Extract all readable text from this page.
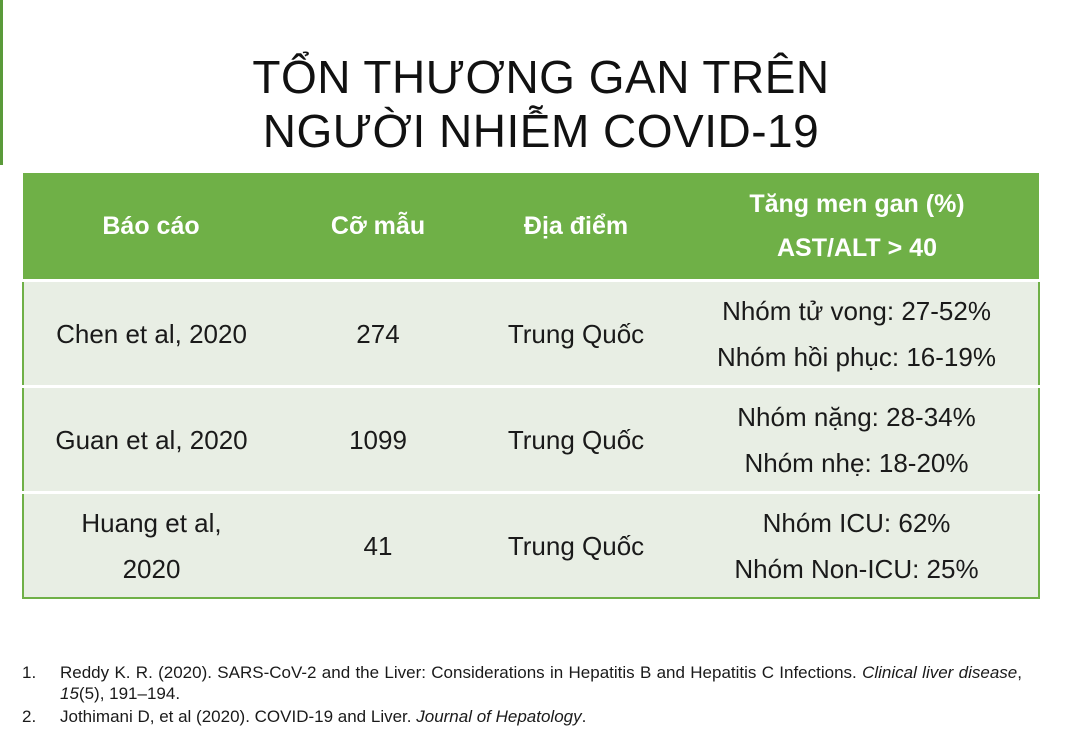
TỔN THƯƠNG GAN TRÊN
NGƯỜI NHIỄM COVID-19
Báo cáo	Cỡ mẫu	Địa điểm	Tăng men gan (%)
AST/ALT > 40

Chen et al, 2020	274	Trung Quốc	Nhóm tử vong: 27-52%
Nhóm hồi phục: 16-19%

Guan et al, 2020	1099	Trung Quốc	Nhóm nặng: 28-34%
Nhóm nhẹ: 18-20%

Huang et al,
2020	41	Trung Quốc	Nhóm ICU: 62%
Nhóm Non-ICU: 25%
1.	Reddy K. R. (2020). SARS-CoV-2 and the Liver: Considerations in Hepatitis B and Hepatitis C Infections. Clinical liver disease, 15(5), 191–194.
2.	Jothimani D, et al (2020). COVID-19 and Liver. Journal of Hepatology.
